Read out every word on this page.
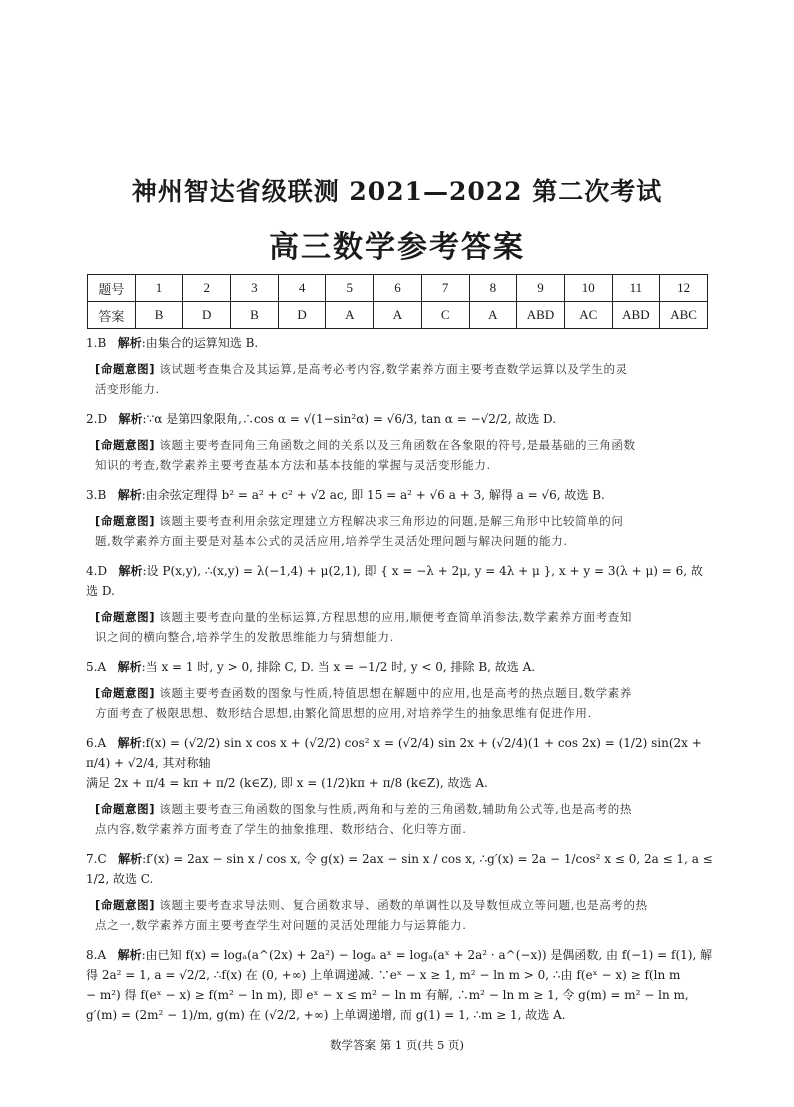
神州智达省级联测 2021—2022 第二次考试
高三数学参考答案
题号	1	2	3	4	5	6	7	8	9	10	11	12
答案	B	D	B	D	A	A	C	A	ABD	AC	ABD	ABC
1.B 解析:由集合的运算知选 B.
[命题意图] 该试题考查集合及其运算,是高考必考内容,数学素养方面主要考查数学运算以及学生的灵
活变形能力.
2.D 解析:∵α 是第四象限角,∴cos α = √(1−sin²α) = √6/3, tan α = −√2/2, 故选 D.
[命题意图] 该题主要考查同角三角函数之间的关系以及三角函数在各象限的符号,是最基础的三角函数
知识的考查,数学素养主要考查基本方法和基本技能的掌握与灵活变形能力.
3.B 解析:由余弦定理得 b² = a² + c² + √2 ac, 即 15 = a² + √6 a + 3, 解得 a = √6, 故选 B.
[命题意图] 该题主要考查利用余弦定理建立方程解决求三角形边的问题,是解三角形中比较简单的问
题,数学素养方面主要是对基本公式的灵活应用,培养学生灵活处理问题与解决问题的能力.
4.D 解析:设 P(x,y), ∴(x,y) = λ(−1,4) + μ(2,1), 即 { x = −λ + 2μ, y = 4λ + μ }, x + y = 3(λ + μ) = 6, 故选 D.
[命题意图] 该题主要考查向量的坐标运算,方程思想的应用,顺便考查简单消参法,数学素养方面考查知
识之间的横向整合,培养学生的发散思维能力与猜想能力.
5.A 解析:当 x = 1 时, y > 0, 排除 C, D. 当 x = −1/2 时, y < 0, 排除 B, 故选 A.
[命题意图] 该题主要考查函数的图象与性质,特值思想在解题中的应用,也是高考的热点题目,数学素养
方面考查了极限思想、数形结合思想,由繁化简思想的应用,对培养学生的抽象思维有促进作用.
6.A 解析:f(x) = (√2/2) sin x cos x + (√2/2) cos² x = (√2/4) sin 2x + (√2/4)(1 + cos 2x) = (1/2) sin(2x + π/4) + √2/4, 其对称轴
满足 2x + π/4 = kπ + π/2 (k∈Z), 即 x = (1/2)kπ + π/8 (k∈Z), 故选 A.
[命题意图] 该题主要考查三角函数的图象与性质,两角和与差的三角函数,辅助角公式等,也是高考的热
点内容,数学素养方面考查了学生的抽象推理、数形结合、化归等方面.
7.C 解析:f′(x) = 2ax − sin x / cos x, 令 g(x) = 2ax − sin x / cos x, ∴g′(x) = 2a − 1/cos² x ≤ 0, 2a ≤ 1, a ≤ 1/2, 故选 C.
[命题意图] 该题主要考查求导法则、复合函数求导、函数的单调性以及导数恒成立等问题,也是高考的热
点之一,数学素养方面主要考查学生对问题的灵活处理能力与运算能力.
8.A 解析:由已知 f(x) = logₐ(a^(2x) + 2a²) − logₐ aˣ = logₐ(aˣ + 2a² · a^(−x)) 是偶函数, 由 f(−1) = f(1), 解
得 2a² = 1, a = √2/2, ∴f(x) 在 (0, +∞) 上单调递减. ∵eˣ − x ≥ 1, m² − ln m > 0, ∴由 f(eˣ − x) ≥ f(ln m
− m²) 得 f(eˣ − x) ≥ f(m² − ln m), 即 eˣ − x ≤ m² − ln m 有解, ∴m² − ln m ≥ 1, 令 g(m) = m² − ln m,
g′(m) = (2m² − 1)/m, g(m) 在 (√2/2, +∞) 上单调递增, 而 g(1) = 1, ∴m ≥ 1, 故选 A.
数学答案 第 1 页(共 5 页)
